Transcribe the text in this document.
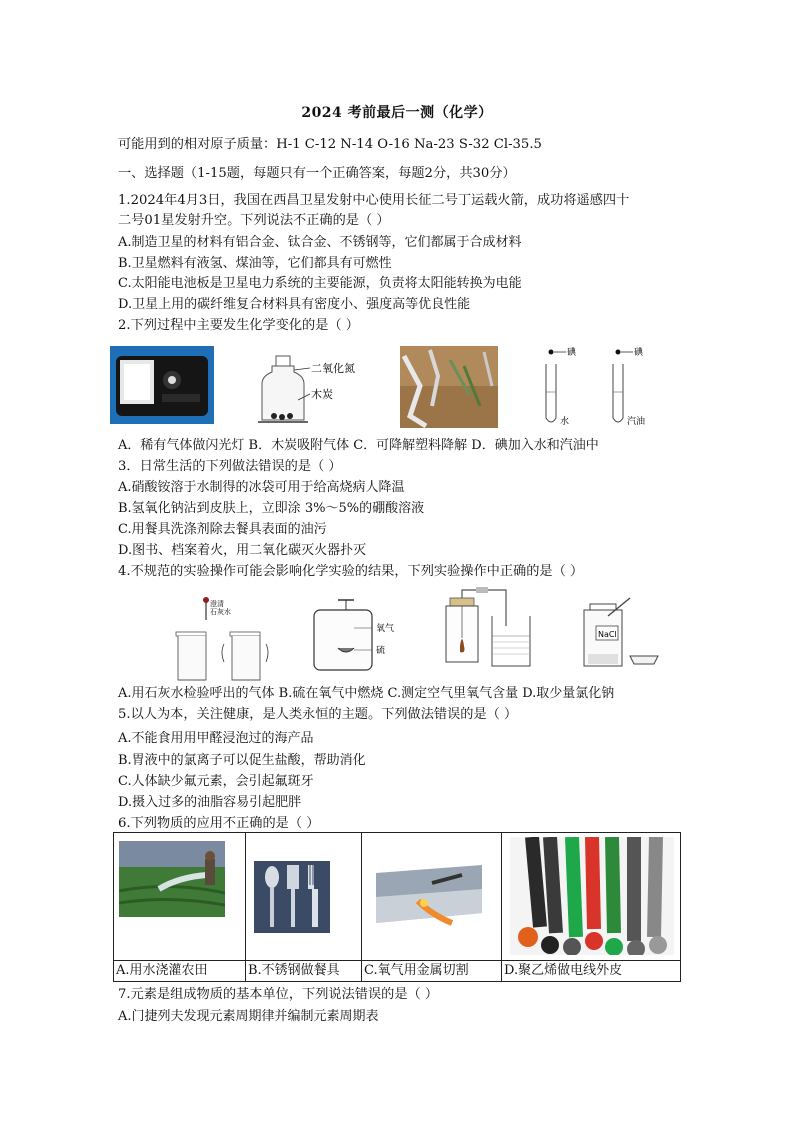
2024 考前最后一测（化学）
可能用到的相对原子质量：H-1 C-12 N-14 O-16 Na-23 S-32 Cl-35.5
一、选择题（1-15题，每题只有一个正确答案，每题2分，共30分）
1.2024年4月3日，我国在西昌卫星发射中心使用长征二号丁运载火箭，成功将遥感四十
二号01星发射升空。下列说法不正确的是（ ）
A.制造卫星的材料有铝合金、钛合金、不锈钢等，它们都属于合成材料
B.卫星燃料有液氢、煤油等，它们都具有可燃性
C.太阳能电池板是卫星电力系统的主要能源，负责将太阳能转换为电能
D.卫星上用的碳纤维复合材料具有密度小、强度高等优良性能
2.下列过程中主要发生化学变化的是（ ）
二氧化氮
木炭
碘
水
碘
汽油
A．稀有气体做闪光灯 B．木炭吸附气体 C．可降解塑料降解 D．碘加入水和汽油中
3．日常生活的下列做法错误的是（ ）
A.硝酸铵溶于水制得的冰袋可用于给高烧病人降温
B.氢氧化钠沾到皮肤上，立即涂 3%～5%的硼酸溶液
C.用餐具洗涤剂除去餐具表面的油污
D.图书、档案着火，用二氧化碳灭火器扑灭
4.不规范的实验操作可能会影响化学实验的结果，下列实验操作中正确的是（ ）
澄清
石灰水
氧气
硫
NaCl
A.用石灰水检验呼出的气体 B.硫在氧气中燃烧 C.测定空气里氧气含量 D.取少量氯化钠
5.以人为本，关注健康，是人类永恒的主题。下列做法错误的是（ ）
A.不能食用用甲醛浸泡过的海产品
B.胃液中的氯离子可以促生盐酸，帮助消化
C.人体缺少氟元素，会引起氟斑牙
D.摄入过多的油脂容易引起肥胖
6.下列物质的应用不正确的是（ ）

A.用水浇灌农田	B.不锈钢做餐具	C.氧气用金属切割	D.聚乙烯做电线外皮
7.元素是组成物质的基本单位，下列说法错误的是（ ）
A.门捷列夫发现元素周期律并编制元素周期表
